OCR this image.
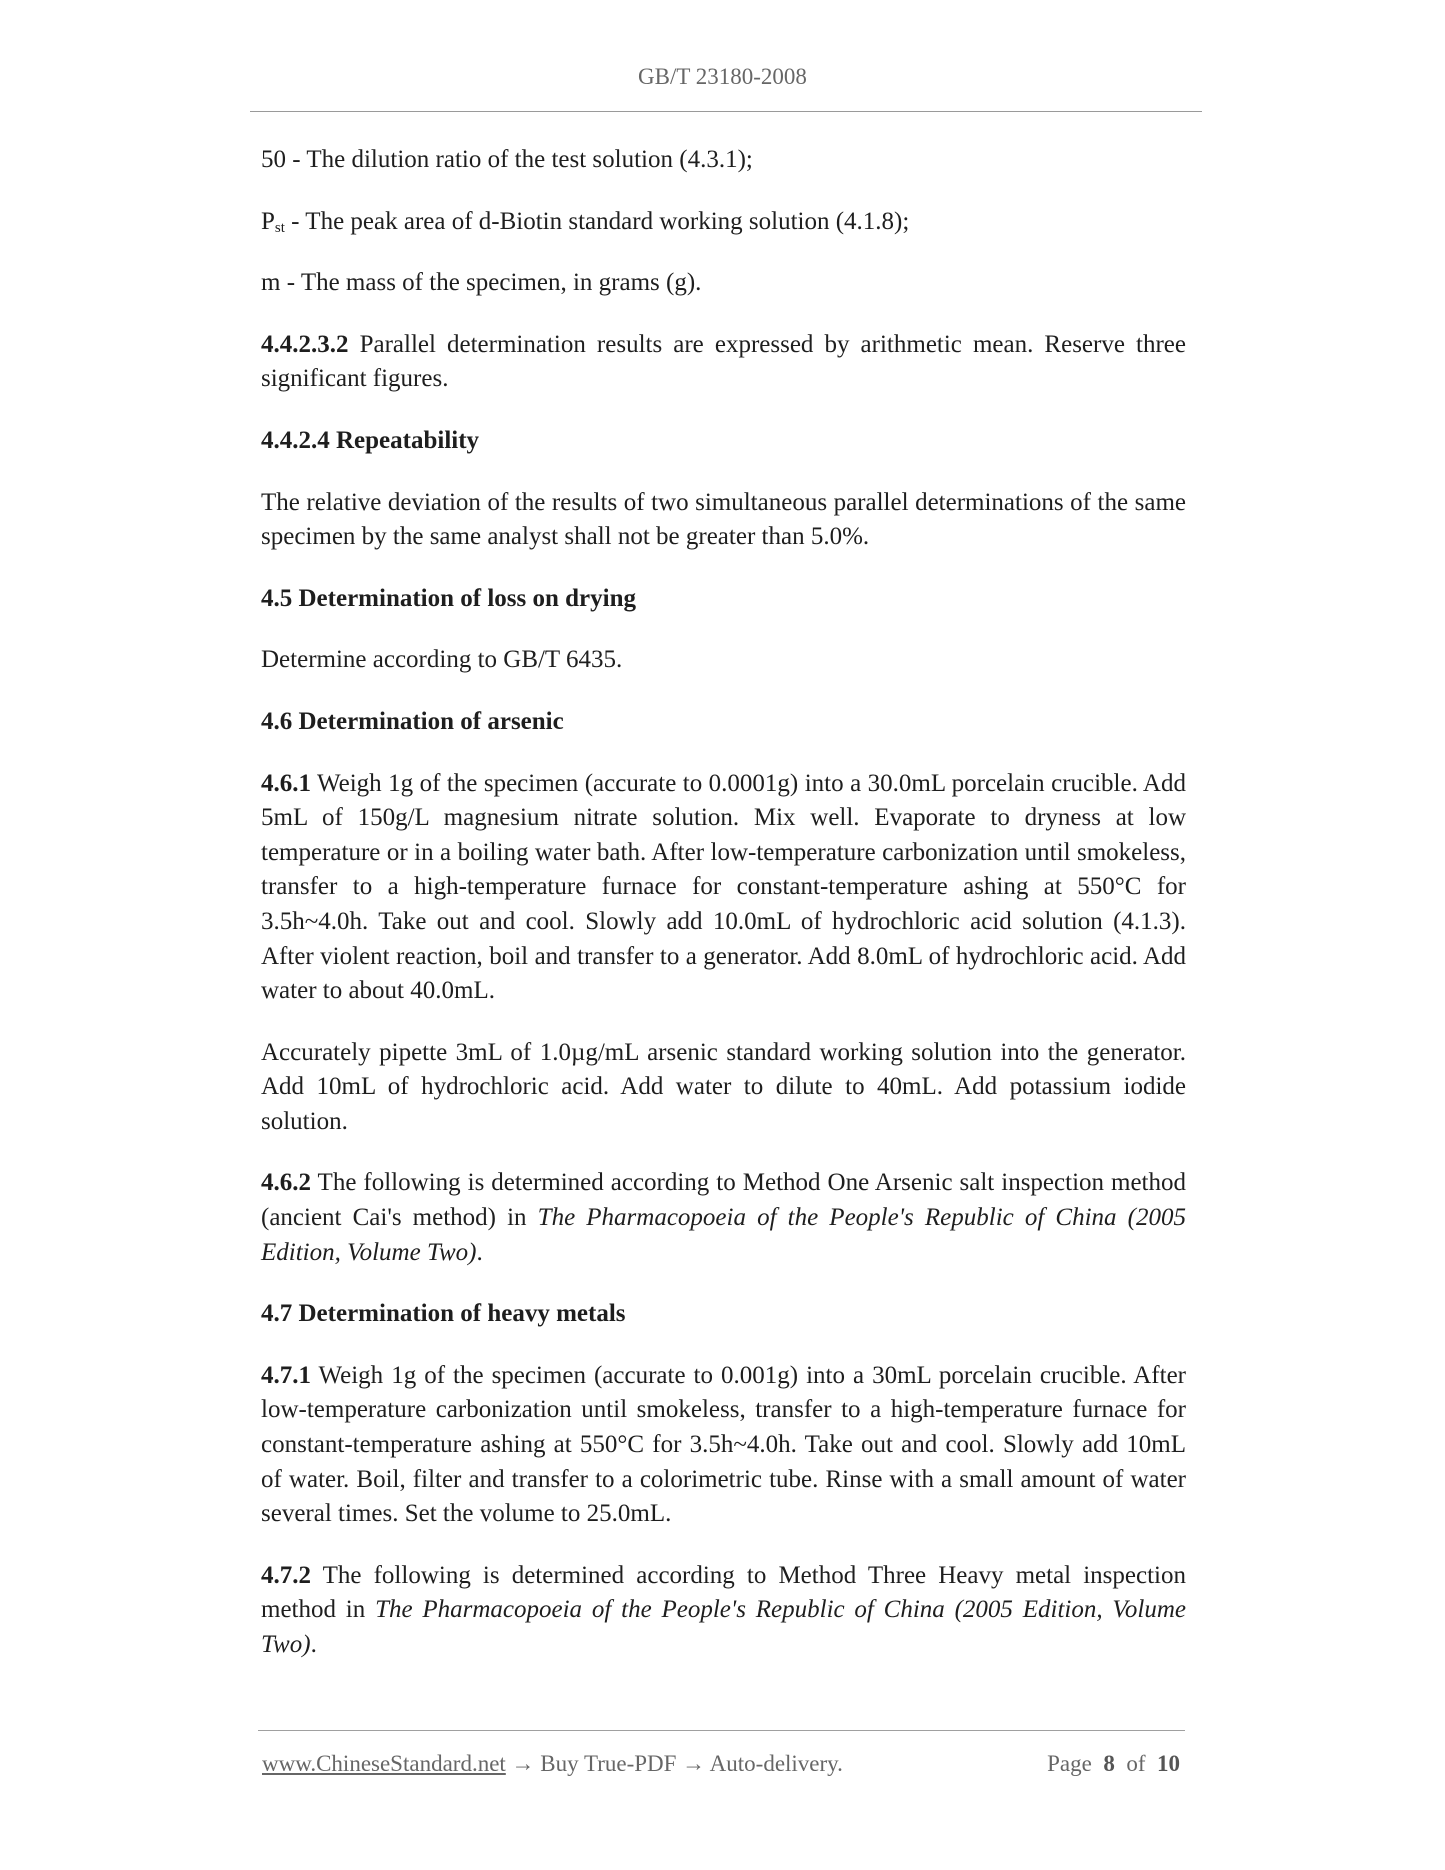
GB/T 23180-2008

50 - The dilution ratio of the test solution (4.3.1);

$P_{st}$ - The peak area of d-Biotin standard working solution (4.1.8);

m - The mass of the specimen, in grams (g).

4.4.2.3.2 Parallel determination results are expressed by arithmetic mean. Reserve three significant figures.

4.4.2.4 Repeatability

The relative deviation of the results of two simultaneous parallel determinations of the same specimen by the same analyst shall not be greater than 5.0%.

4.5 Determination of loss on drying

Determine according to GB/T 6435.

4.6 Determination of arsenic

4.6.1 Weigh 1g of the specimen (accurate to 0.0001g) into a 30.0mL porcelain crucible. Add 5mL of 150g/L magnesium nitrate solution. Mix well. Evaporate to dryness at low temperature or in a boiling water bath. After low-temperature carbonization until smokeless, transfer to a high-temperature furnace for constant-temperature ashing at 550°C for 3.5h~4.0h. Take out and cool. Slowly add 10.0mL of hydrochloric acid solution (4.1.3). After violent reaction, boil and transfer to a generator. Add 8.0mL of hydrochloric acid. Add water to about 40.0mL.

Accurately pipette 3mL of 1.0µg/mL arsenic standard working solution into the generator. Add 10mL of hydrochloric acid. Add water to dilute to 40mL. Add potassium iodide solution.

4.6.2 The following is determined according to Method One Arsenic salt inspection method (ancient Cai's method) in The Pharmacopoeia of the People's Republic of China (2005 Edition, Volume Two).

4.7 Determination of heavy metals

4.7.1 Weigh 1g of the specimen (accurate to 0.001g) into a 30mL porcelain crucible. After low-temperature carbonization until smokeless, transfer to a high-temperature furnace for constant-temperature ashing at 550°C for 3.5h~4.0h. Take out and cool. Slowly add 10mL of water. Boil, filter and transfer to a colorimetric tube. Rinse with a small amount of water several times. Set the volume to 25.0mL.

4.7.2 The following is determined according to Method Three Heavy metal inspection method in The Pharmacopoeia of the People's Republic of China (2005 Edition, Volume Two).

www.ChineseStandard.net → Buy True-PDF → Auto-delivery.	Page 8 of 10
